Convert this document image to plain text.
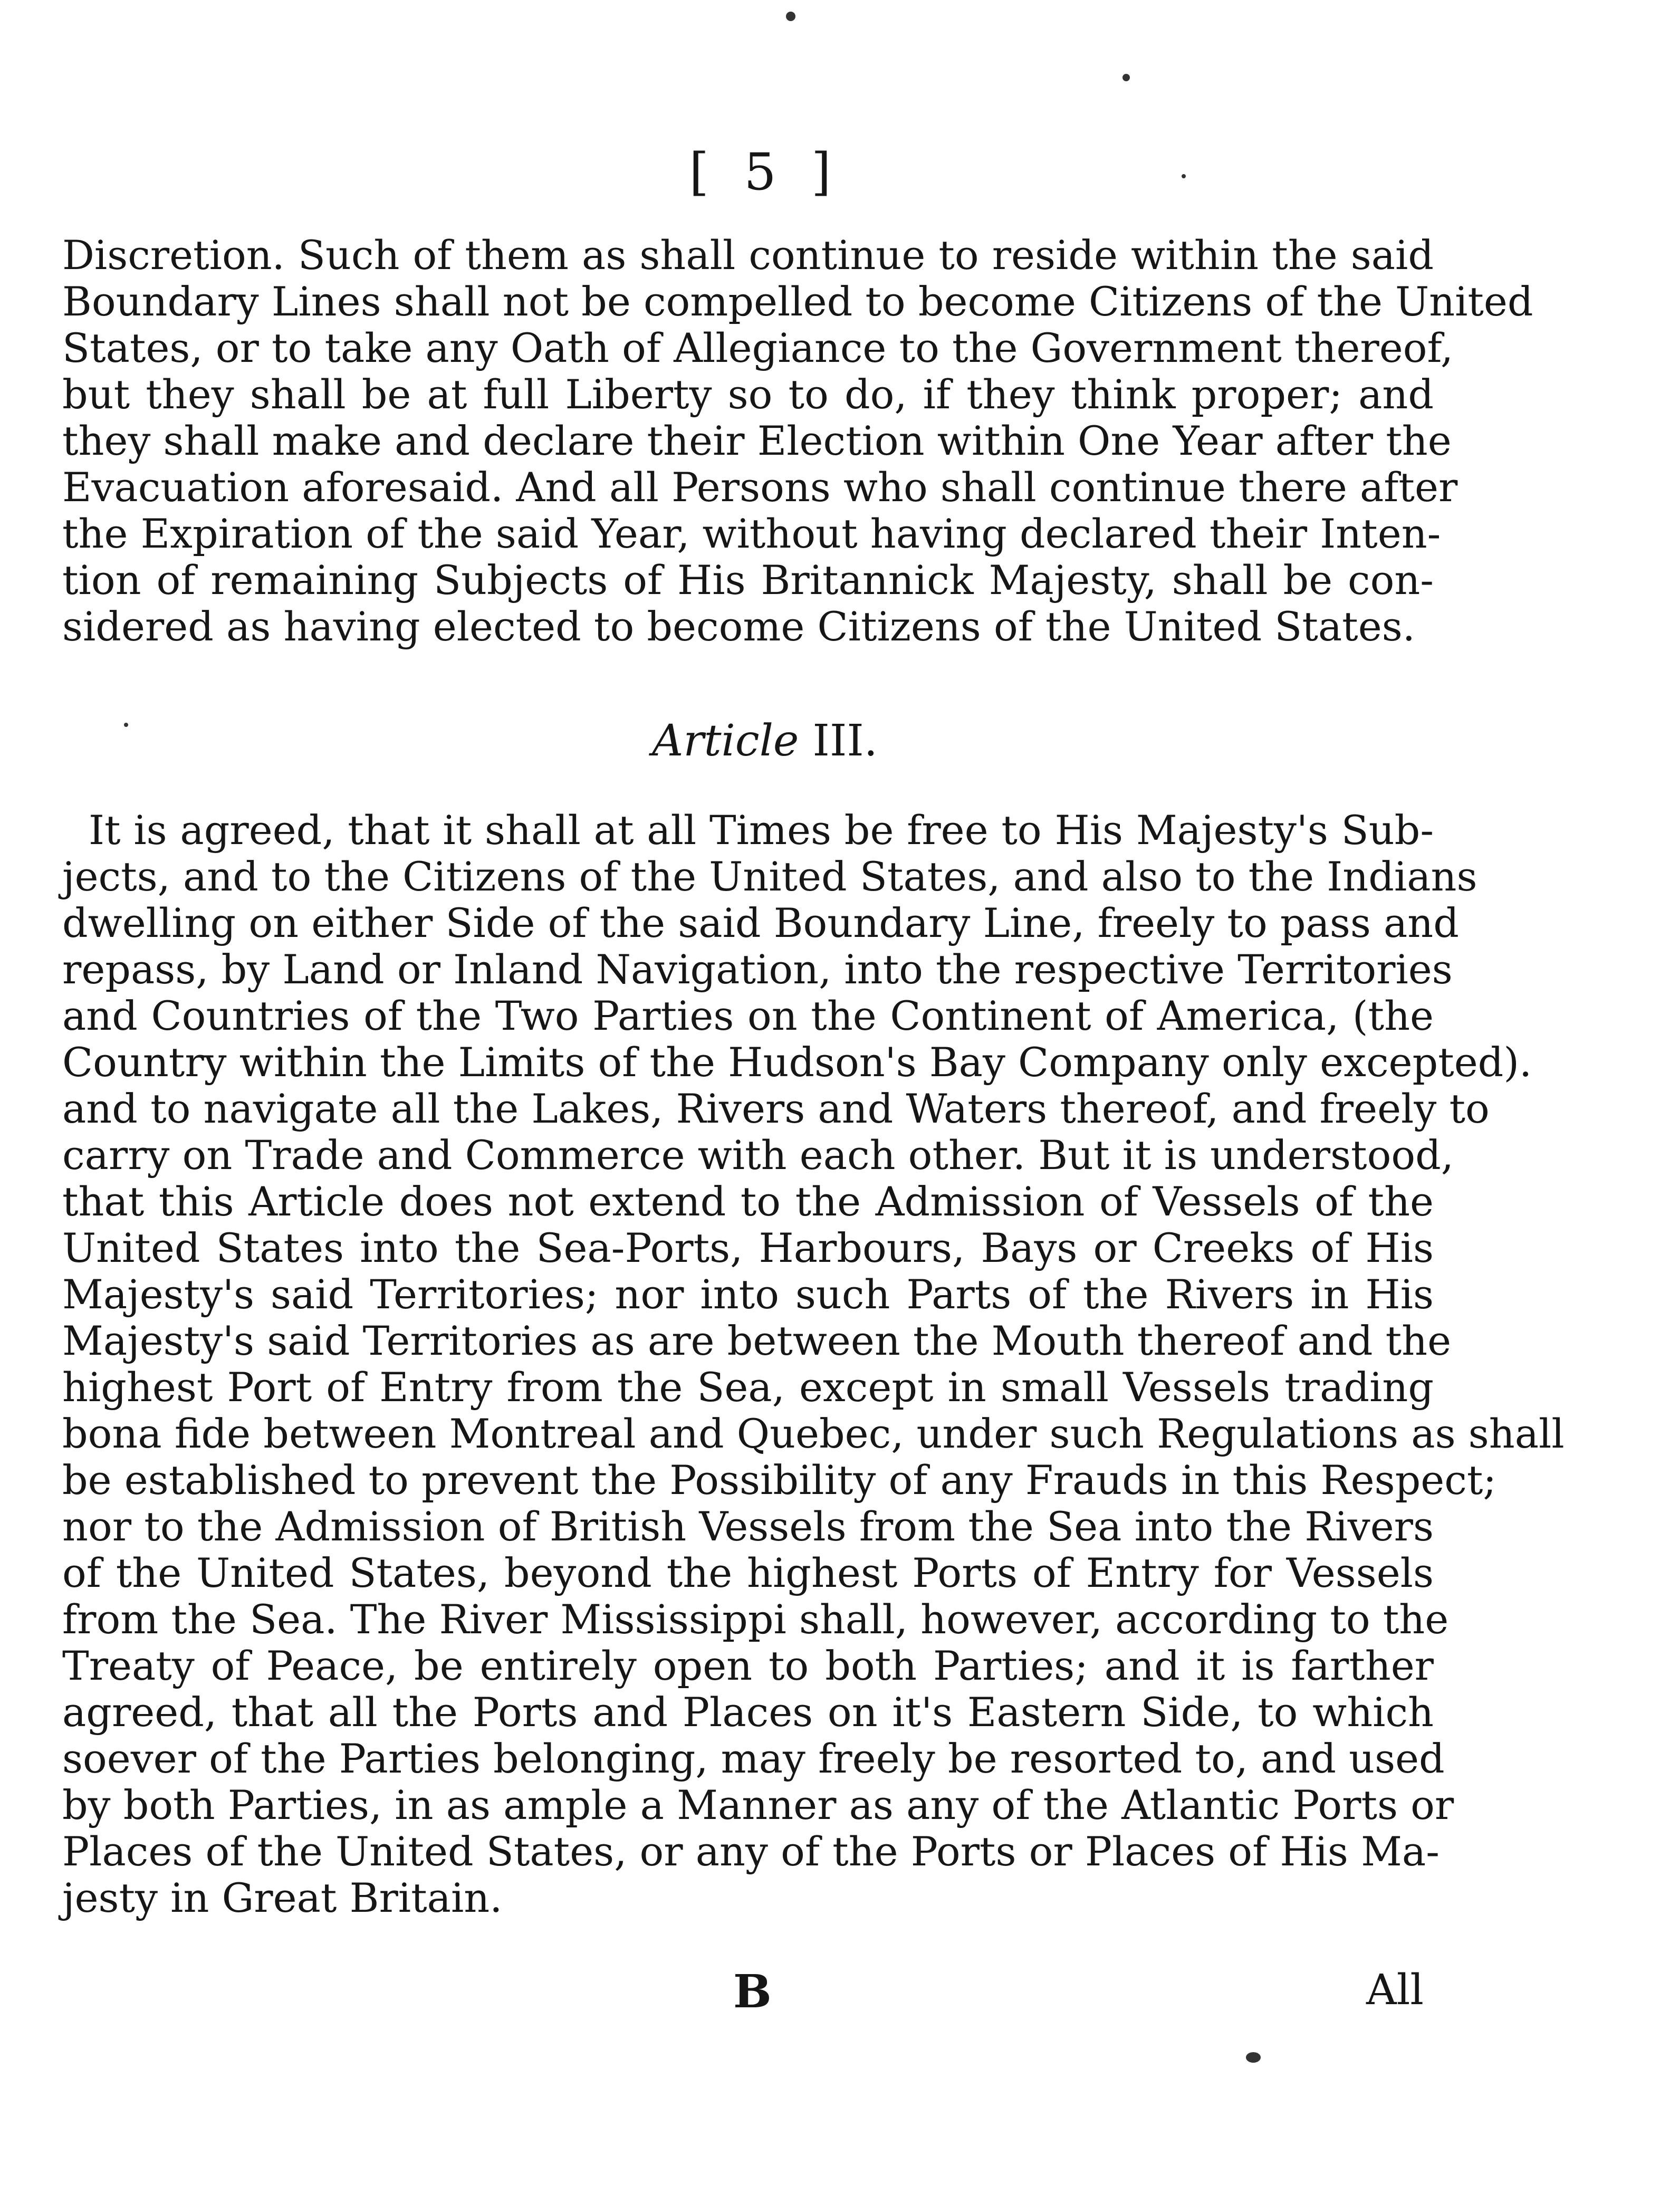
[ 5 ]
Discretion. Such of them as shall continue to reside within the said
Boundary Lines shall not be compelled to become Citizens of the United
States, or to take any Oath of Allegiance to the Government thereof,
but they shall be at full Liberty so to do, if they think proper; and
they shall make and declare their Election within One Year after the
Evacuation aforesaid. And all Persons who shall continue there after
the Expiration of the said Year, without having declared their Inten-
tion of remaining Subjects of His Britannick Majesty, shall be con-
sidered as having elected to become Citizens of the United States.
Article III.
It is agreed, that it shall at all Times be free to His Majesty's Sub-
jects, and to the Citizens of the United States, and also to the Indians
dwelling on either Side of the said Boundary Line, freely to pass and
repass, by Land or Inland Navigation, into the respective Territories
and Countries of the Two Parties on the Continent of America, (the
Country within the Limits of the Hudson's Bay Company only excepted).
and to navigate all the Lakes, Rivers and Waters thereof, and freely to
carry on Trade and Commerce with each other. But it is understood,
that this Article does not extend to the Admission of Vessels of the
United States into the Sea-Ports, Harbours, Bays or Creeks of His
Majesty's said Territories; nor into such Parts of the Rivers in His
Majesty's said Territories as are between the Mouth thereof and the
highest Port of Entry from the Sea, except in small Vessels trading
bona fide between Montreal and Quebec, under such Regulations as shall
be established to prevent the Possibility of any Frauds in this Respect;
nor to the Admission of British Vessels from the Sea into the Rivers
of the United States, beyond the highest Ports of Entry for Vessels
from the Sea. The River Mississippi shall, however, according to the
Treaty of Peace, be entirely open to both Parties; and it is farther
agreed, that all the Ports and Places on it's Eastern Side, to which
soever of the Parties belonging, may freely be resorted to, and used
by both Parties, in as ample a Manner as any of the Atlantic Ports or
Places of the United States, or any of the Ports or Places of His Ma-
jesty in Great Britain.
B	All
